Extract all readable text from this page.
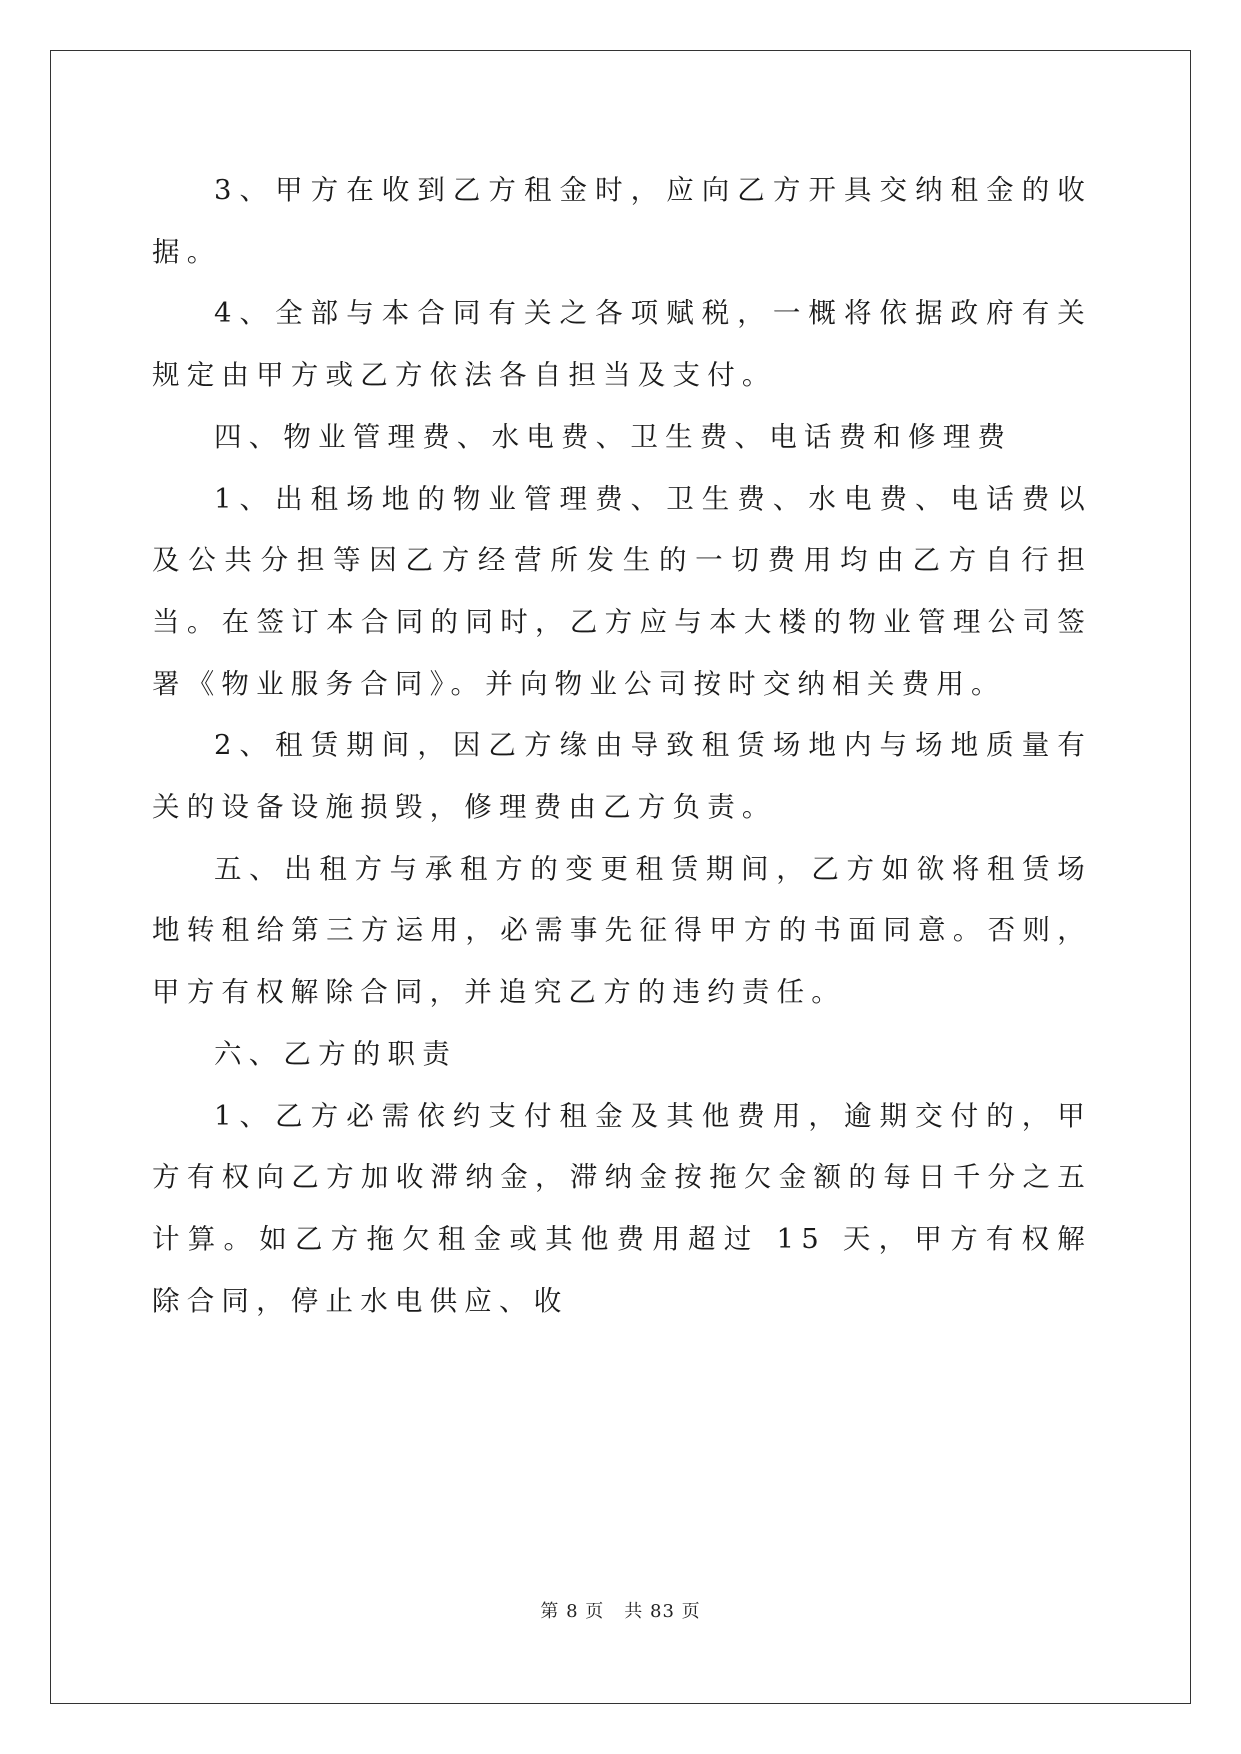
3、甲方在收到乙方租金时，应向乙方开具交纳租金的收据。

4、全部与本合同有关之各项赋税，一概将依据政府有关规定由甲方或乙方依法各自担当及支付。

四、物业管理费、水电费、卫生费、电话费和修理费

1、出租场地的物业管理费、卫生费、水电费、电话费以及公共分担等因乙方经营所发生的一切费用均由乙方自行担当。在签订本合同的同时，乙方应与本大楼的物业管理公司签署《物业服务合同》。并向物业公司按时交纳相关费用。

2、租赁期间，因乙方缘由导致租赁场地内与场地质量有关的设备设施损毁，修理费由乙方负责。

五、出租方与承租方的变更租赁期间，乙方如欲将租赁场地转租给第三方运用，必需事先征得甲方的书面同意。否则，甲方有权解除合同，并追究乙方的违约责任。

六、乙方的职责

1、乙方必需依约支付租金及其他费用，逾期交付的，甲方有权向乙方加收滞纳金，滞纳金按拖欠金额的每日千分之五计算。如乙方拖欠租金或其他费用超过 15 天，甲方有权解除合同，停止水电供应、收

第 8 页 共 83 页
